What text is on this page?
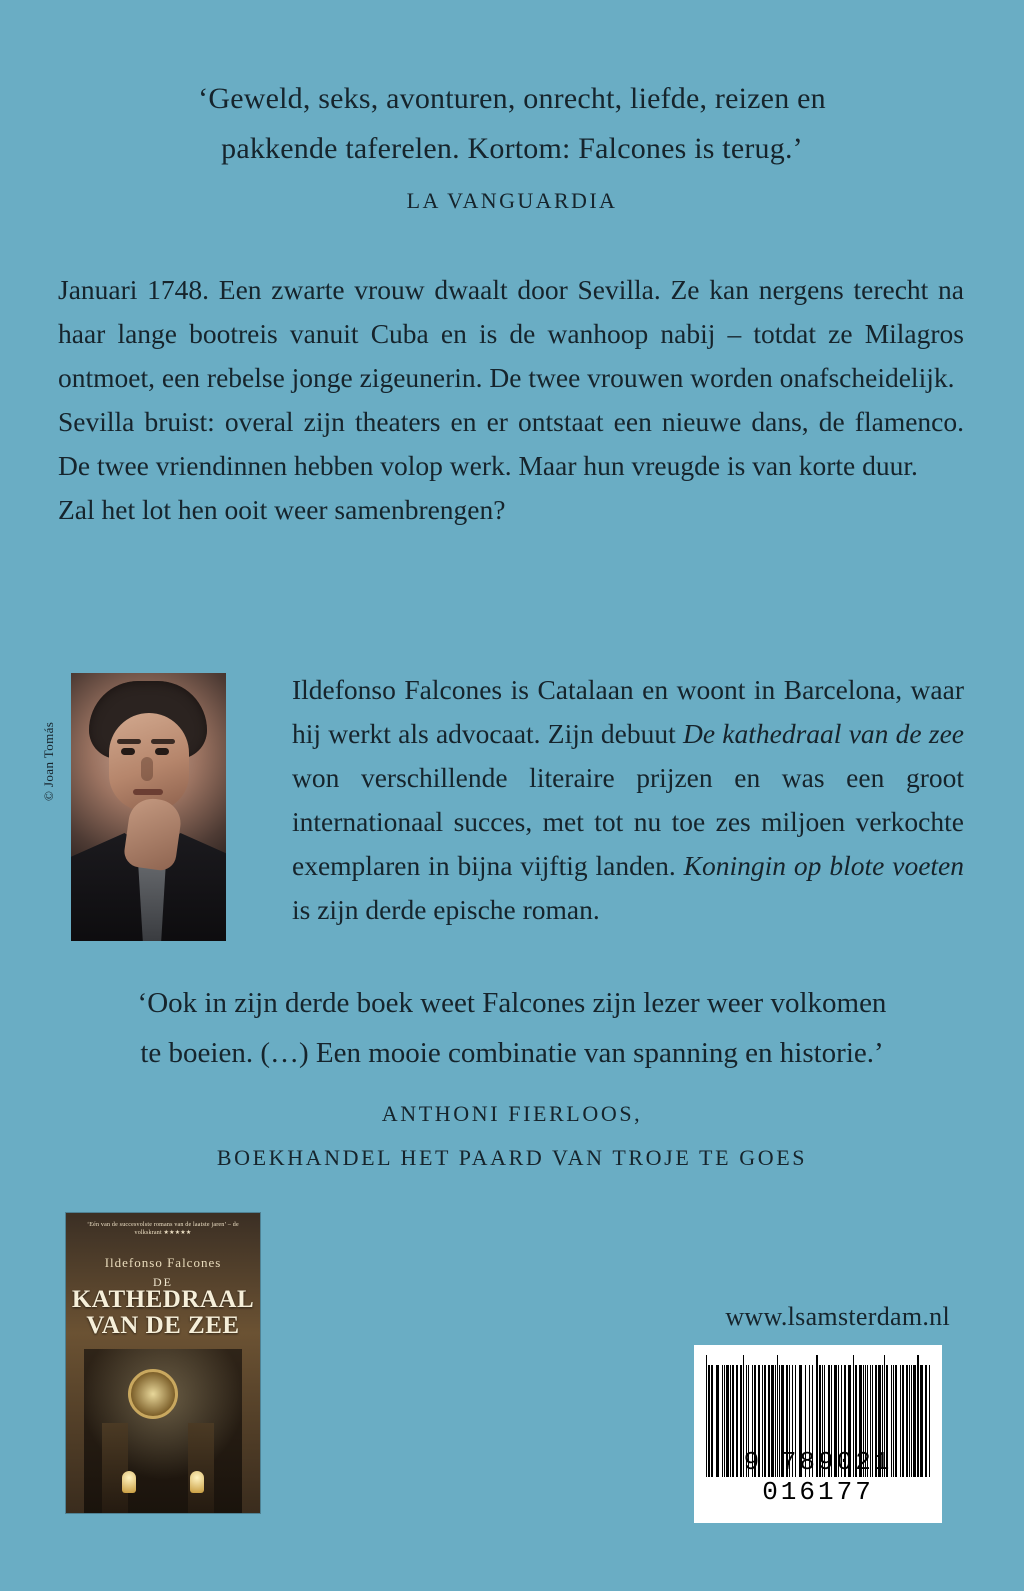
‘Geweld, seks, avonturen, onrecht, liefde, reizen en
pakkende taferelen. Kortom: Falcones is terug.’
LA VANGUARDIA

Januari 1748. Een zwarte vrouw dwaalt door Sevilla. Ze kan nergens terecht na haar lange bootreis vanuit Cuba en is de wanhoop nabij – totdat ze Milagros ontmoet, een rebelse jonge zigeunerin. De twee vrouwen worden onafscheidelijk.

Sevilla bruist: overal zijn theaters en er ontstaat een nieuwe dans, de flamenco. De twee vriendinnen hebben volop werk. Maar hun vreugde is van korte duur.

Zal het lot hen ooit weer samenbrengen?

© Joan Tomás
Ildefonso Falcones is Catalaan en woont in Barcelona, waar hij werkt als advocaat. Zijn debuut De kathedraal van de zee won verschillende literaire prijzen en was een groot internationaal succes, met tot nu toe zes miljoen verkochte exemplaren in bijna vijftig landen. Koningin op blote voeten is zijn derde epische roman.
‘Ook in zijn derde boek weet Falcones zijn lezer weer volkomen
te boeien. (…) Een mooie combinatie van spanning en historie.’
ANTHONI FIERLOOS,
BOEKHANDEL HET PAARD VAN TROJE TE GOES
‘Eén van de succesvolste romans van de laatste jaren’ – de volkskrant ★★★★★
Ildefonso Falcones
DE
KATHEDRAAL
VAN DE ZEE	www.lsamsterdam.nl
9 789021 016177
